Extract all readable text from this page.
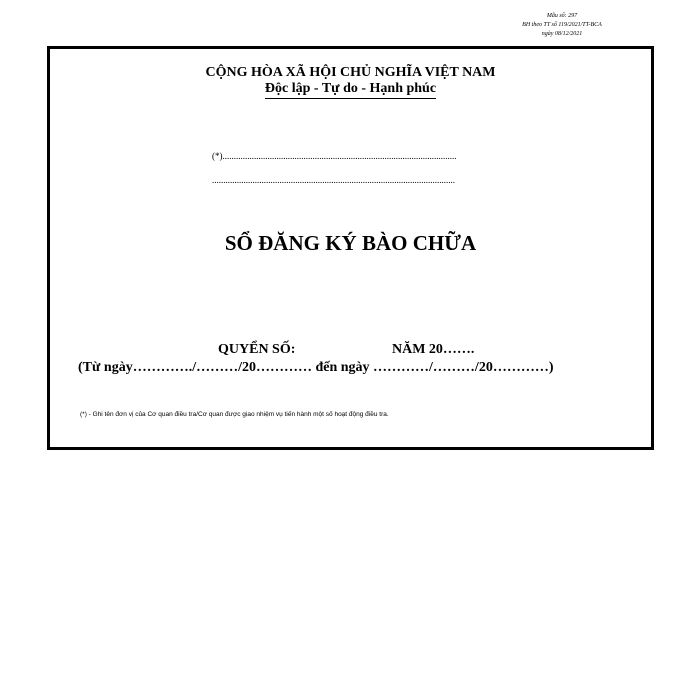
Mẫu số: 297
BH theo TT số 119/2021/TT-BCA
ngày 08/12/2021
CỘNG HÒA XÃ HỘI CHỦ NGHĨA VIỆT NAM
Độc lập - Tự do - Hạnh phúc
(*)........................................................................................................
............................................................................................................
SỔ ĐĂNG KÝ BÀO CHỮA
QUYỂN SỐ:	NĂM 20…….
(Từ ngày…………./………/20………… đến ngày …………/………/20…………)
(*) - Ghi tên đơn vị của Cơ quan điều tra/Cơ quan được giao nhiệm vụ tiến hành một số hoạt động điều tra.
